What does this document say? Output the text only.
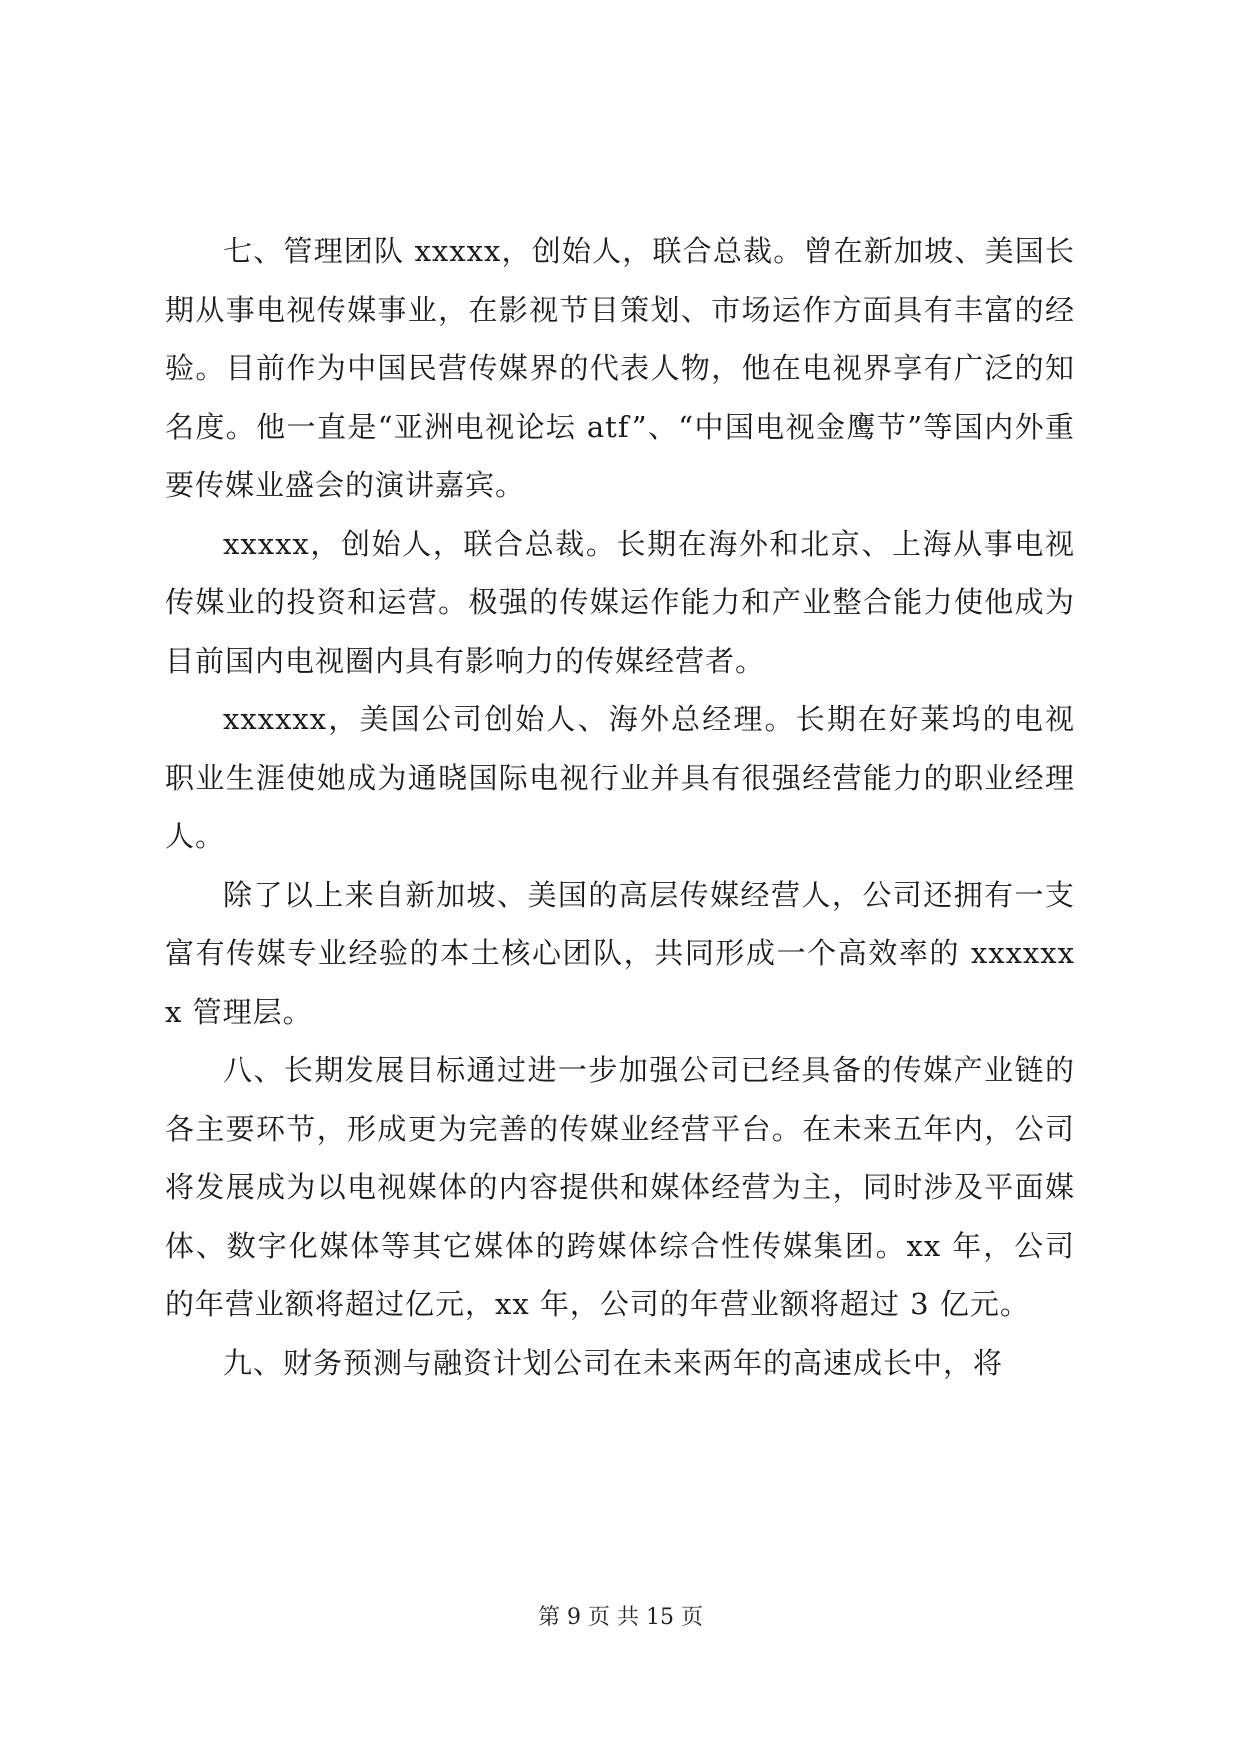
七、管理团队 xxxxx，创始人，联合总裁。曾在新加坡、美国长期从事电视传媒事业，在影视节目策划、市场运作方面具有丰富的经验。目前作为中国民营传媒界的代表人物，他在电视界享有广泛的知名度。他一直是“亚洲电视论坛 atf”、“中国电视金鹰节”等国内外重要传媒业盛会的演讲嘉宾。

xxxxx，创始人，联合总裁。长期在海外和北京、上海从事电视传媒业的投资和运营。极强的传媒运作能力和产业整合能力使他成为目前国内电视圈内具有影响力的传媒经营者。

xxxxxx，美国公司创始人、海外总经理。长期在好莱坞的电视职业生涯使她成为通晓国际电视行业并具有很强经营能力的职业经理人。

除了以上来自新加坡、美国的高层传媒经营人，公司还拥有一支富有传媒专业经验的本土核心团队，共同形成一个高效率的 xxxxxxx 管理层。

八、长期发展目标通过进一步加强公司已经具备的传媒产业链的各主要环节，形成更为完善的传媒业经营平台。在未来五年内，公司将发展成为以电视媒体的内容提供和媒体经营为主，同时涉及平面媒体、数字化媒体等其它媒体的跨媒体综合性传媒集团。xx 年，公司的年营业额将超过亿元，xx 年，公司的年营业额将超过 3 亿元。

九、财务预测与融资计划公司在未来两年的高速成长中，将

第 9 页 共 15 页
